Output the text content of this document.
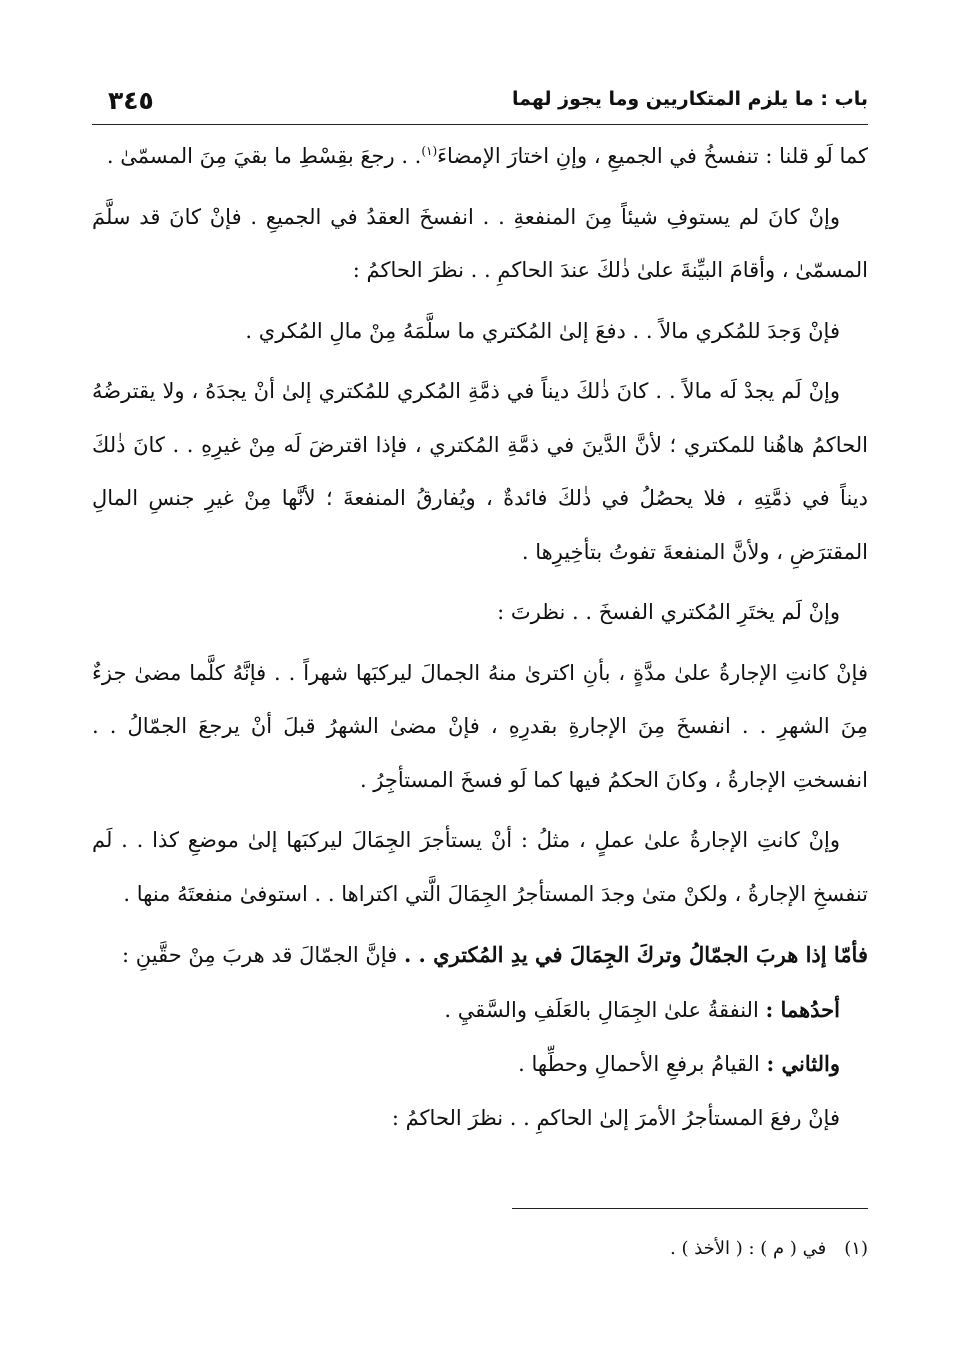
باب : ما يلزم المتكاريين وما يجوز لهما
٣٤٥

كما لَو قلنا : تنفسخُ في الجميعِ ، وإنِ اختارَ الإمضاءَ$^{(١)}$. . رجعَ بقِسْطِ ما بقيَ مِنَ المسمّىٰ .

وإنْ كانَ لم يستوفِ شيئاً مِنَ المنفعةِ . . انفسخَ العقدُ في الجميعِ . فإنْ كانَ قد سلَّمَ المسمّىٰ ، وأقامَ البيِّنةَ علىٰ ذٰلكَ عندَ الحاكمِ . . نظرَ الحاكمُ :

فإنْ وَجدَ للمُكري مالاً . . دفعَ إلىٰ المُكتري ما سلَّمَهُ مِنْ مالِ المُكري .

وإنْ لَم يجدْ لَه مالاً . . كانَ ذٰلكَ ديناً في ذمَّةِ المُكري للمُكتري إلىٰ أنْ يجدَهُ ، ولا يقترضُهُ الحاكمُ هاهُنا للمكتري ؛ لأنَّ الدَّينَ في ذمَّةِ المُكتري ، فإذا اقترضَ لَه مِنْ غيرِهِ . . كانَ ذٰلكَ ديناً في ذمَّتِهِ ، فلا يحصُلُ في ذٰلكَ فائدةٌ ، ويُفارقُ المنفعةَ ؛ لأنَّها مِنْ غيرِ جنسِ المالِ المقترَضِ ، ولأنَّ المنفعةَ تفوتُ بتأخِيرِها .

وإنْ لَم يختَرِ المُكتري الفسخَ . . نظرتَ :

فإنْ كانتِ الإجارةُ علىٰ مدَّةٍ ، بأنِ اكترىٰ منهُ الجمالَ ليركبَها شهراً . . فإنَّهُ كلَّما مضىٰ جزءٌ مِنَ الشهرِ . . انفسخَ مِنَ الإجارةِ بقدرِهِ ، فإنْ مضىٰ الشهرُ قبلَ أنْ يرجعَ الجمّالُ . . انفسختِ الإجارةُ ، وكانَ الحكمُ فيها كما لَو فسخَ المستأجِرُ .

وإنْ كانتِ الإجارةُ علىٰ عملٍ ، مثلُ : أنْ يستأجرَ الجِمَالَ ليركبَها إلىٰ موضعِ كذا . . لَم تنفسخِ الإجارةُ ، ولكنْ متىٰ وجدَ المستأجرُ الجِمَالَ الَّتي اكتراها . . استوفىٰ منفعتَهُ منها .

فأمّا إذا هربَ الجمّالُ وتركَ الجِمَالَ في يدِ المُكتري . . فإنَّ الجمّالَ قد هربَ مِنْ حقَّينِ :

أحدُهما : النفقةُ علىٰ الجِمَالِ بالعَلَفِ والسَّقيِ .

والثاني : القيامُ برفعِ الأحمالِ وحطِّها .

فإنْ رفعَ المستأجرُ الأمرَ إلىٰ الحاكمِ . . نظرَ الحاكمُ :

(١)في ( م ) : ( الأخذ ) .
